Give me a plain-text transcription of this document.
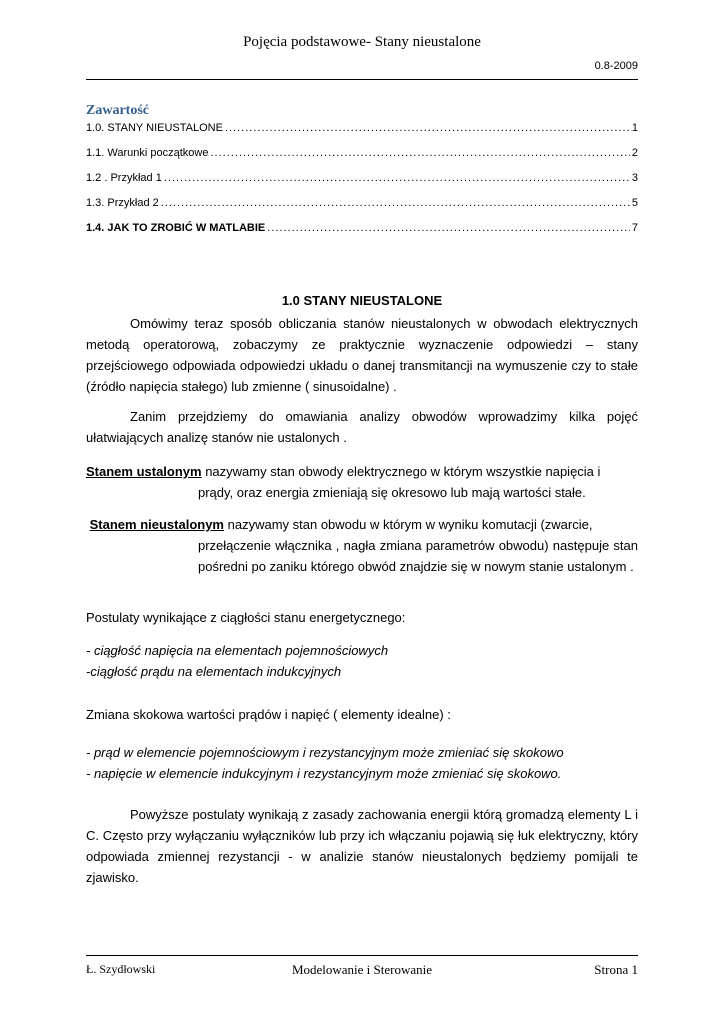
Pojęcia podstawowe- Stany nieustalone
0.8-2009
Zawartość
1.0. STANY NIEUSTALONE .....	1
1.1. Warunki początkowe .....	2
1.2 . Przykład 1 .....	3
1.3. Przykład 2 .....	5
1.4. JAK TO ZROBIĆ W MATLABIE .....	7
1.0 STANY NIEUSTALONE

Omówimy teraz sposób obliczania stanów nieustalonych w obwodach elektrycznych metodą operatorową, zobaczymy ze praktycznie wyznaczenie odpowiedzi – stany przejściowego odpowiada odpowiedzi układu o danej transmitancji na wymuszenie czy to stałe (źródło napięcia stałego) lub zmienne ( sinusoidalne) .

Zanim przejdziemy do omawiania analizy obwodów wprowadzimy kilka pojęć ułatwiających analizę stanów nie ustalonych .

Stanem ustalonym nazywamy stan obwody elektrycznego w którym wszystkie napięcia i
prądy, oraz energia zmieniają się okresowo lub mają wartości stałe.

Stanem nieustalonym nazywamy stan obwodu w którym w wyniku komutacji (zwarcie,
przełączenie włącznika , nagła zmiana parametrów obwodu) następuje stan pośredni po zaniku którego obwód znajdzie się w nowym stanie ustalonym .

Postulaty wynikające z ciągłości stanu energetycznego:

- ciągłość napięcia na elementach pojemnościowych

-ciągłość prądu na elementach indukcyjnych

Zmiana skokowa wartości prądów i napięć ( elementy idealne) :

- prąd w elemencie pojemnościowym i rezystancyjnym może zmieniać się skokowo

- napięcie w elemencie indukcyjnym i rezystancyjnym może zmieniać się skokowo.

Powyższe postulaty wynikają z zasady zachowania energii którą gromadzą elementy L i C. Często przy wyłączaniu wyłączników lub przy ich włączaniu pojawią się łuk elektryczny, który odpowiada zmiennej rezystancji - w analizie stanów nieustalonych będziemy pomijali te zjawisko.

Modelowanie i Sterowanie
Ł. Szydłowski	Strona 1
